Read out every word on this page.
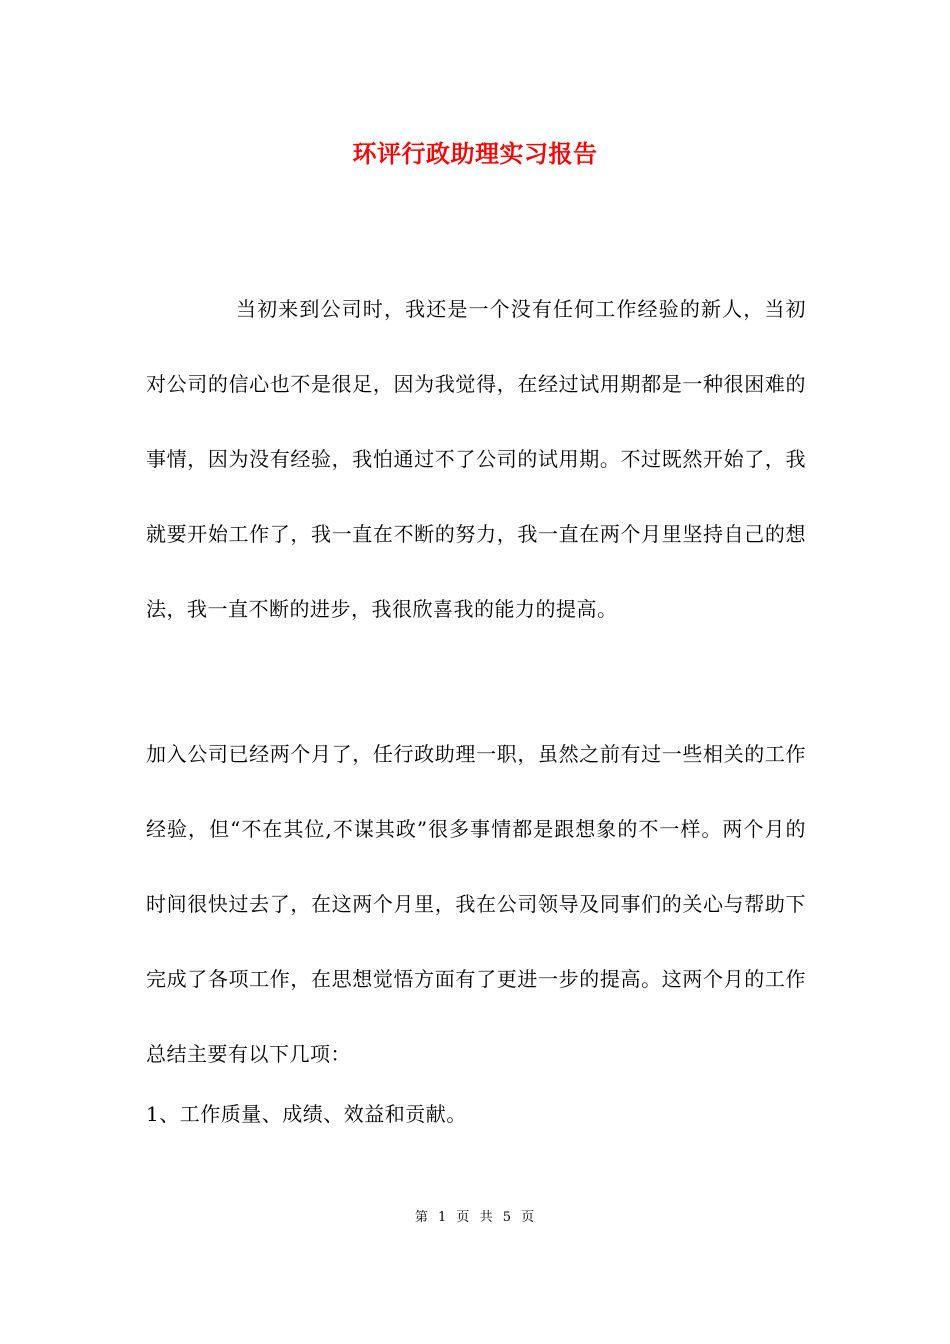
环评行政助理实习报告
当初来到公司时，我还是一个没有任何工作经验的新人，当初对公司的信心也不是很足，因为我觉得，在经过试用期都是一种很困难的事情，因为没有经验，我怕通过不了公司的试用期。不过既然开始了，我就要开始工作了，我一直在不断的努力，我一直在两个月里坚持自己的想法，我一直不断的进步，我很欣喜我的能力的提高。
加入公司已经两个月了，任行政助理一职，虽然之前有过一些相关的工作经验，但“不在其位,不谋其政”很多事情都是跟想象的不一样。两个月的时间很快过去了，在这两个月里，我在公司领导及同事们的关心与帮助下完成了各项工作，在思想觉悟方面有了更进一步的提高。这两个月的工作总结主要有以下几项：
1、工作质量、成绩、效益和贡献。
第 1 页 共 5 页
